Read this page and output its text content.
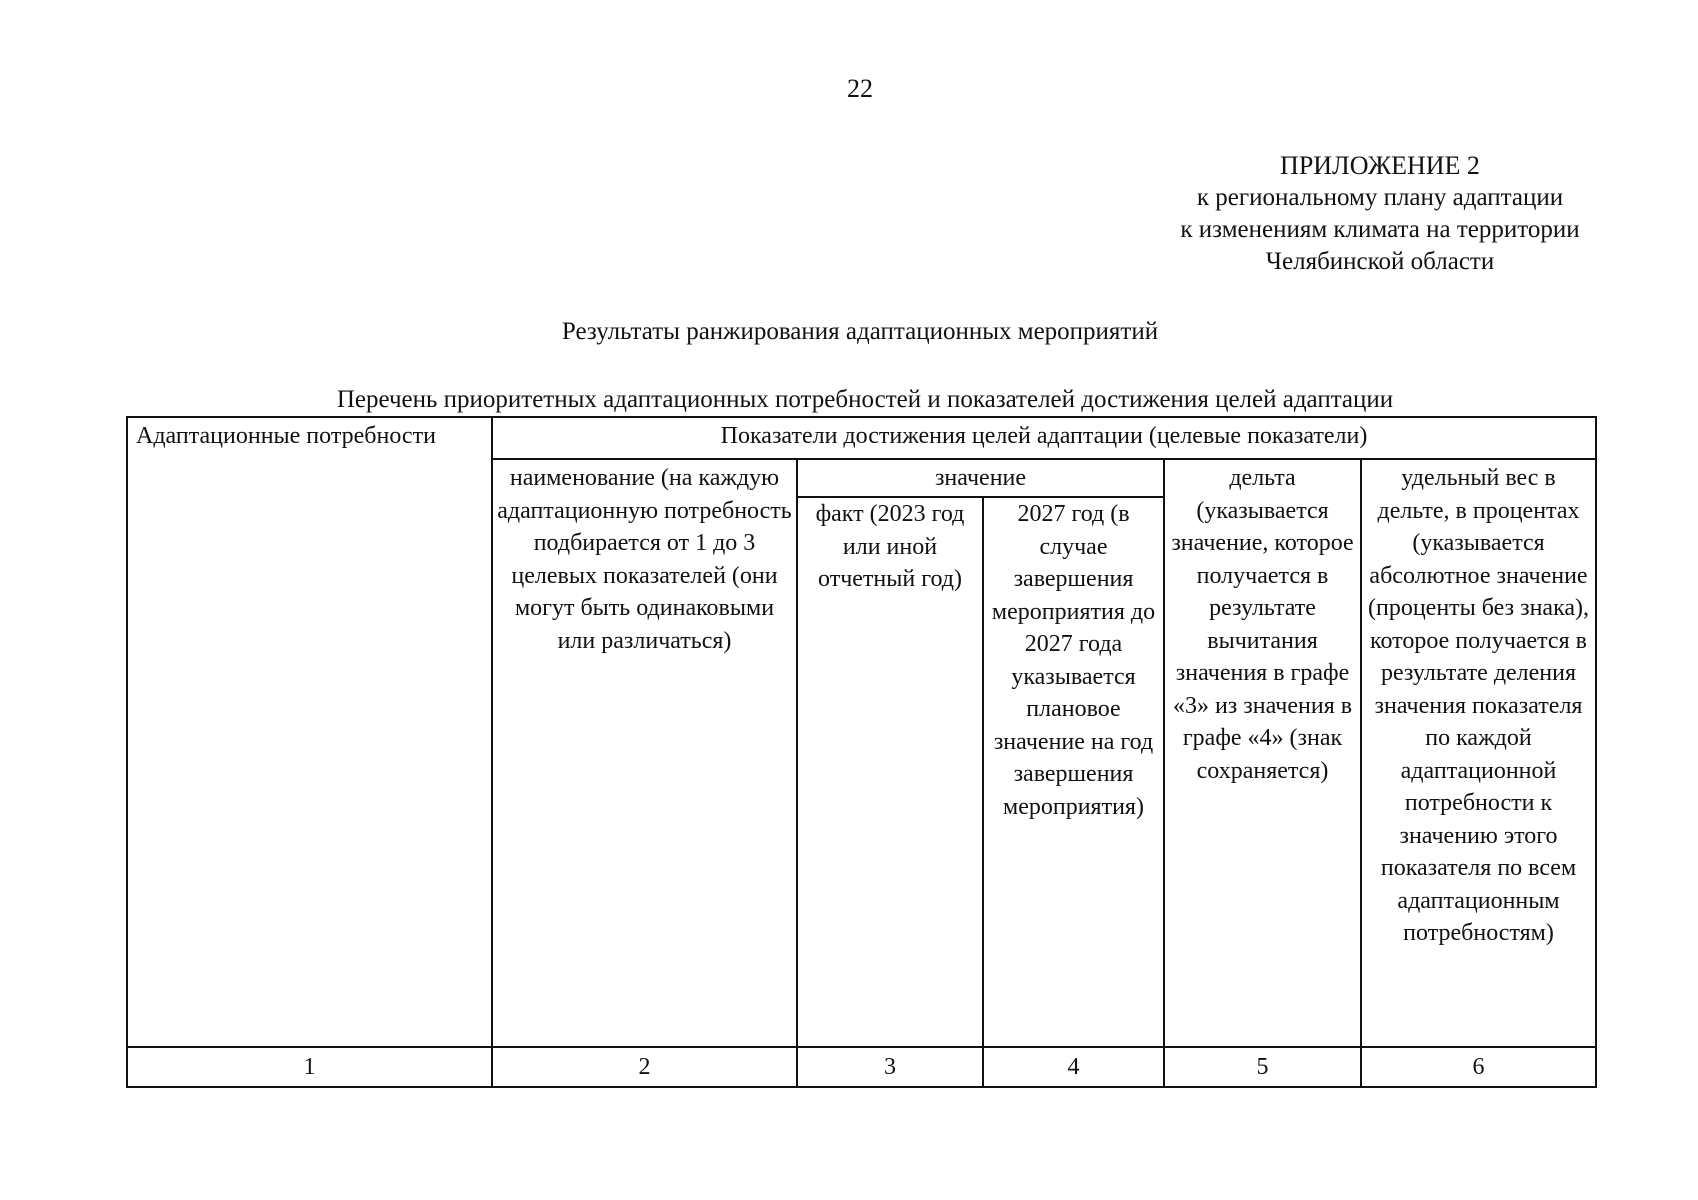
22
ПРИЛОЖЕНИЕ 2
к региональному плану адаптации
к изменениям климата на территории
Челябинской области
Результаты ранжирования адаптационных мероприятий
Перечень приоритетных адаптационных потребностей и показателей достижения целей адаптации
Адаптационные потребности	Показатели достижения целей адаптации (целевые показатели)				
	наименование (на каждую адаптационную потребность подбирается от 1 до 3 целевых показателей (они могут быть одинаковыми или различаться)	значение		дельта (указывается значение, которое получается в результате вычитания значения в графе «3» из значения в графе «4» (знак сохраняется)	удельный вес в дельте, в процентах (указывается абсолютное значение (проценты без знака), которое получается в результате деления значения показателя по каждой адаптационной потребности к значению этого показателя по всем адаптационным потребностям)
		факт (2023 год или иной отчетный год)	2027 год (в случае завершения мероприятия до 2027 года указывается плановое значение на год завершения мероприятия)		
1	2	3	4	5	6
